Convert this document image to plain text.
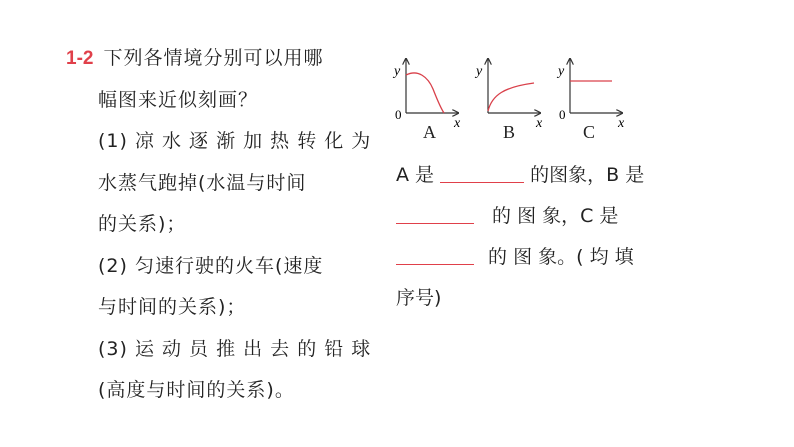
1-2 下列各情境分别可以用哪
幅图来近似刻画？
(1) 凉 水 逐 渐 加 热 转 化 为
水蒸气跑掉(水温与时间
的关系)；
(2) 匀速行驶的火车(速度
与时间的关系)；
(3) 运 动 员 推 出 去 的 铅 球
(高度与时间的关系)。
y
0
x
y
x
y
0
x
A	B	C
A 是	的图象，B 是
的 图 象，C 是
的 图 象。( 均 填
序号)
